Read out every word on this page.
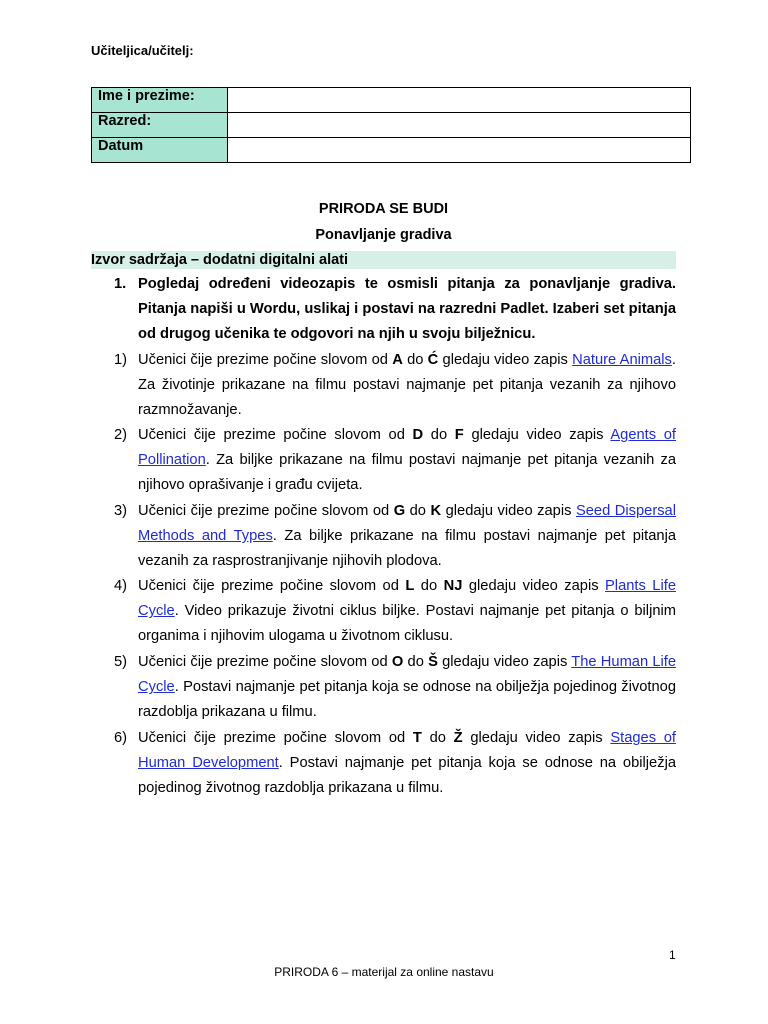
Učiteljica/učitelj:
Ime i prezime:	
Razred:	
Datum	
PRIRODA SE BUDI
Ponavljanje gradiva
Izvor sadržaja – dodatni digitalni alati
1. Pogledaj određeni videozapis te osmisli pitanja za ponavljanje gradiva. Pitanja napiši u Wordu, uslikaj i postavi na razredni Padlet. Izaberi set pitanja od drugog učenika te odgovori na njih u svoju bilježnicu.
1) Učenici čije prezime počine slovom od A do Ć gledaju video zapis Nature Animals. Za životinje prikazane na filmu postavi najmanje pet pitanja vezanih za njihovo razmnožavanje.
2) Učenici čije prezime počine slovom od D do F gledaju video zapis Agents of Pollination. Za biljke prikazane na filmu postavi najmanje pet pitanja vezanih za njihovo oprašivanje i građu cvijeta.
3) Učenici čije prezime počine slovom od G do K gledaju video zapis Seed Dispersal Methods and Types. Za biljke prikazane na filmu postavi najmanje pet pitanja vezanih za rasprostranjivanje njihovih plodova.
4) Učenici čije prezime počine slovom od L do NJ gledaju video zapis Plants Life Cycle. Video prikazuje životni ciklus biljke. Postavi najmanje pet pitanja o biljnim organima i njihovim ulogama u životnom ciklusu.
5) Učenici čije prezime počine slovom od O do Š gledaju video zapis The Human Life Cycle. Postavi najmanje pet pitanja koja se odnose na obilježja pojedinog životnog razdoblja prikazana u filmu.
6) Učenici čije prezime počine slovom od T do Ž gledaju video zapis Stages of Human Development. Postavi najmanje pet pitanja koja se odnose na obilježja pojedinog životnog razdoblja prikazana u filmu.
1
PRIRODA 6 – materijal za online nastavu
